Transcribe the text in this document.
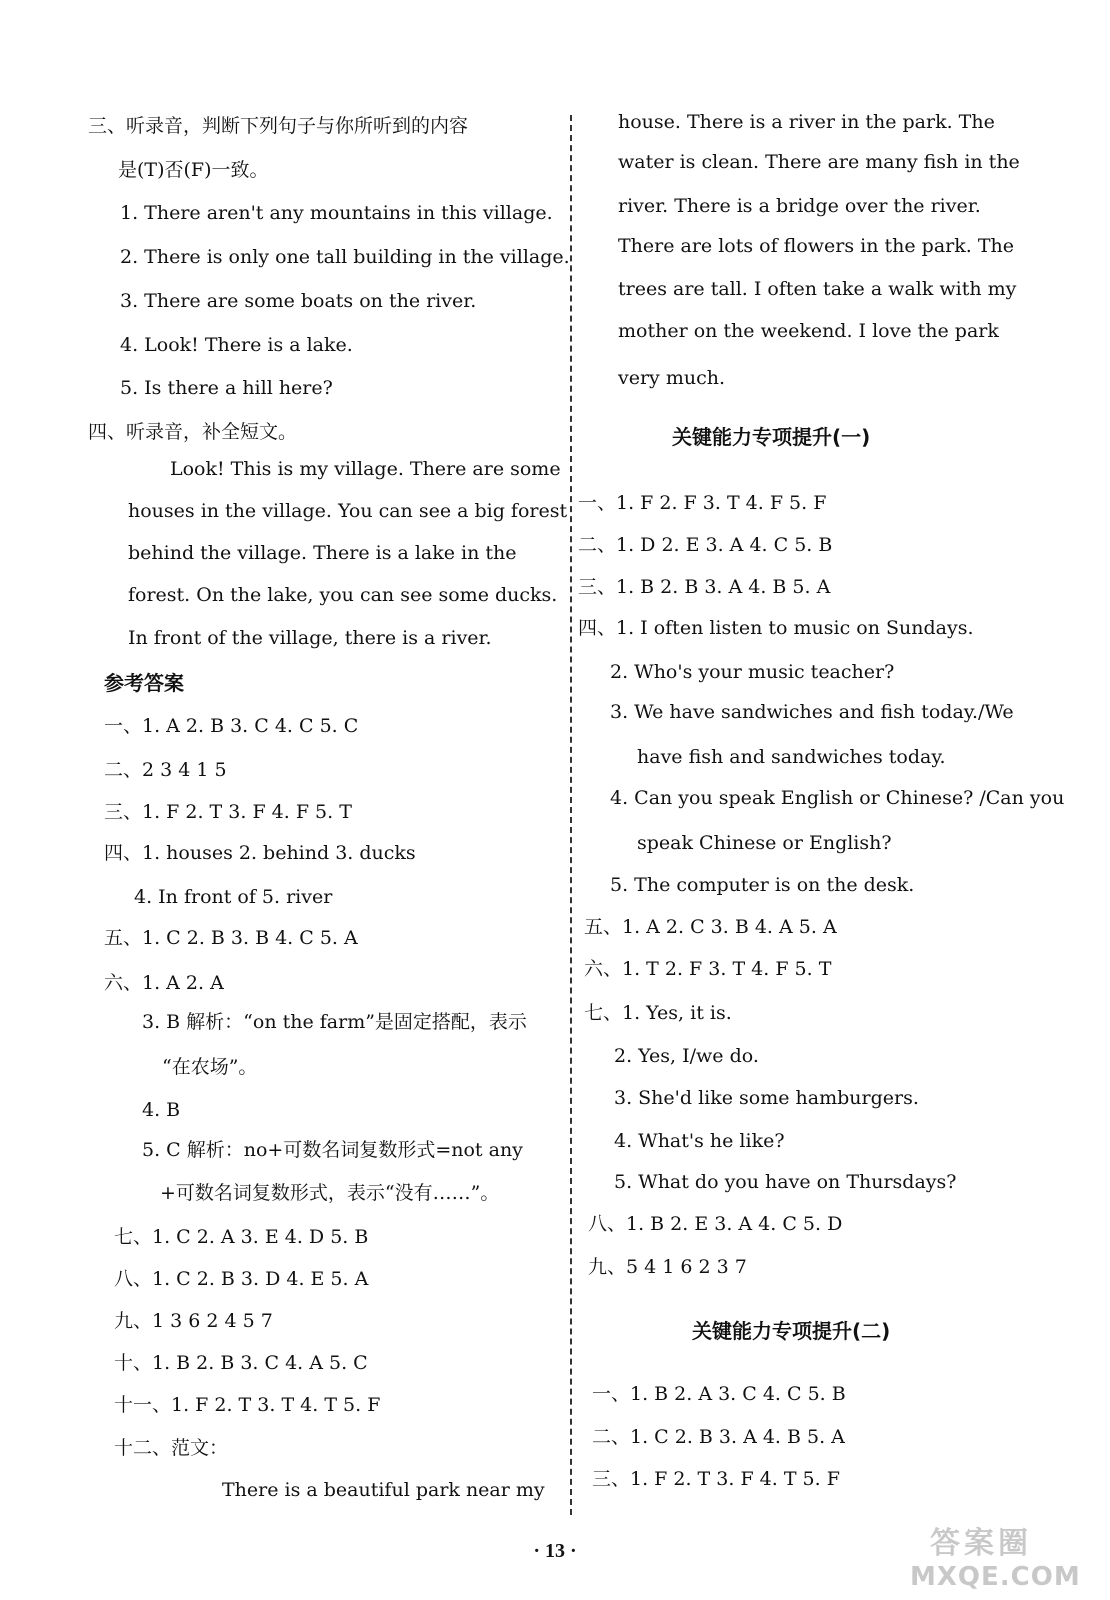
三、听录音，判断下列句子与你所听到的内容
是(T)否(F)一致。
1. There aren't any mountains in this village.
2. There is only one tall building in the village.
3. There are some boats on the river.
4. Look! There is a lake.
5. Is there a hill here?
四、听录音，补全短文。
Look! This is my village. There are some
houses in the village. You can see a big forest
behind the village. There is a lake in the
forest. On the lake, you can see some ducks.
In front of the village, there is a river.
参考答案
一、1. A 2. B 3. C 4. C 5. C
二、2 3 4 1 5
三、1. F 2. T 3. F 4. F 5. T
四、1. houses 2. behind 3. ducks
4. In front of 5. river
五、1. C 2. B 3. B 4. C 5. A
六、1. A 2. A
3. B 解析：“on the farm”是固定搭配，表示
“在农场”。
4. B
5. C 解析：no+可数名词复数形式=not any
+可数名词复数形式，表示“没有……”。
七、1. C 2. A 3. E 4. D 5. B
八、1. C 2. B 3. D 4. E 5. A
九、1 3 6 2 4 5 7
十、1. B 2. B 3. C 4. A 5. C
十一、1. F 2. T 3. T 4. T 5. F
十二、范文：
There is a beautiful park near my
house. There is a river in the park. The
water is clean. There are many fish in the
river. There is a bridge over the river.
There are lots of flowers in the park. The
trees are tall. I often take a walk with my
mother on the weekend. I love the park
very much.
关键能力专项提升(一)
一、1. F 2. F 3. T 4. F 5. F
二、1. D 2. E 3. A 4. C 5. B
三、1. B 2. B 3. A 4. B 5. A
四、1. I often listen to music on Sundays.
2. Who's your music teacher?
3. We have sandwiches and fish today./We
have fish and sandwiches today.
4. Can you speak English or Chinese? /Can you
speak Chinese or English?
5. The computer is on the desk.
五、1. A 2. C 3. B 4. A 5. A
六、1. T 2. F 3. T 4. F 5. T
七、1. Yes, it is.
2. Yes, I/we do.
3. She'd like some hamburgers.
4. What's he like?
5. What do you have on Thursdays?
八、1. B 2. E 3. A 4. C 5. D
九、5 4 1 6 2 3 7
关键能力专项提升(二)
一、1. B 2. A 3. C 4. C 5. B
二、1. C 2. B 3. A 4. B 5. A
三、1. F 2. T 3. F 4. T 5. F
· 13 ·	答案圈
MXQE.COM
